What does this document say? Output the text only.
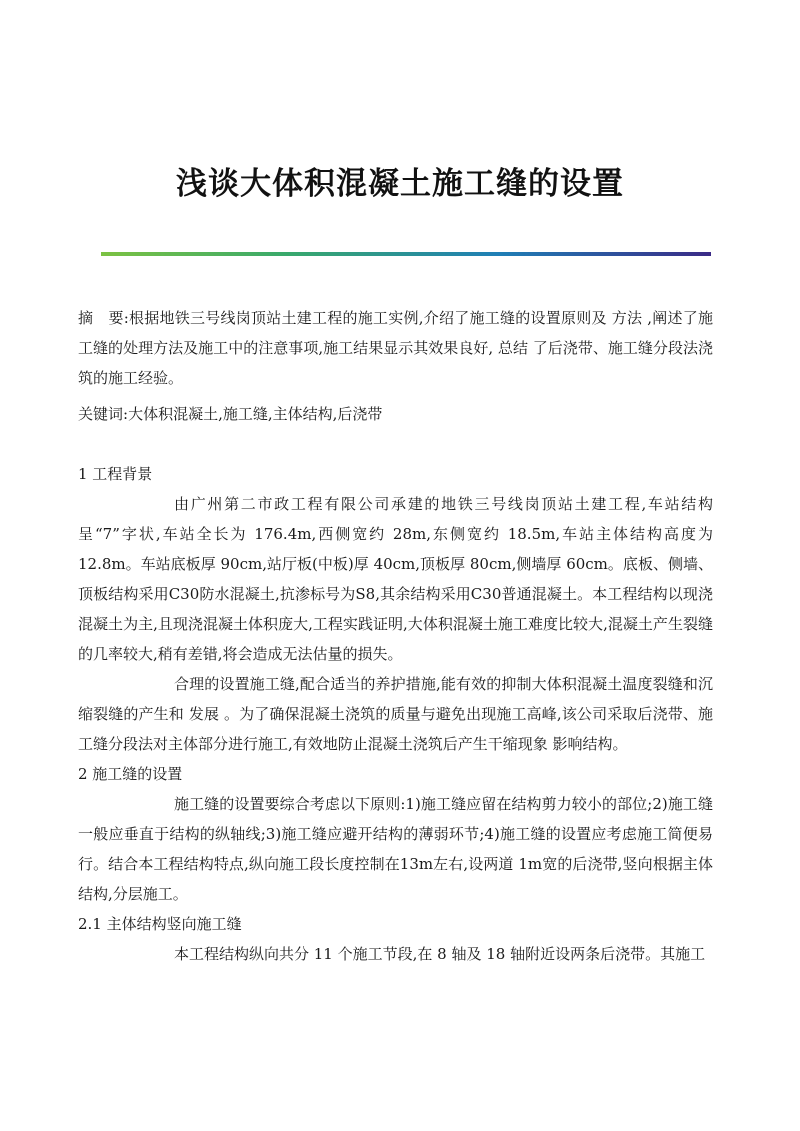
浅谈大体积混凝土施工缝的设置

摘　要:根据地铁三号线岗顶站土建工程的施工实例,介绍了施工缝的设置原则及 方法 ,阐述了施工缝的处理方法及施工中的注意事项,施工结果显示其效果良好, 总结 了后浇带、施工缝分段法浇筑的施工经验。

关键词:大体积混凝土,施工缝,主体结构,后浇带

1 工程背景

由广州第二市政工程有限公司承建的地铁三号线岗顶站土建工程,车站结构呈“7”字状,车站全长为 176.4m,西侧宽约 28m,东侧宽约 18.5m,车站主体结构高度为 12.8m。车站底板厚 90cm,站厅板(中板)厚 40cm,顶板厚 80cm,侧墙厚 60cm。底板、侧墙、顶板结构采用C30防水混凝土,抗渗标号为S8,其余结构采用C30普通混凝土。本工程结构以现浇混凝土为主,且现浇混凝土体积庞大,工程实践证明,大体积混凝土施工难度比较大,混凝土产生裂缝的几率较大,稍有差错,将会造成无法估量的损失。

合理的设置施工缝,配合适当的养护措施,能有效的抑制大体积混凝土温度裂缝和沉缩裂缝的产生和 发展 。为了确保混凝土浇筑的质量与避免出现施工高峰,该公司采取后浇带、施工缝分段法对主体部分进行施工,有效地防止混凝土浇筑后产生干缩现象 影响结构。

2 施工缝的设置

施工缝的设置要综合考虑以下原则:1)施工缝应留在结构剪力较小的部位;2)施工缝一般应垂直于结构的纵轴线;3)施工缝应避开结构的薄弱环节;4)施工缝的设置应考虑施工简便易行。结合本工程结构特点,纵向施工段长度控制在13m左右,设两道 1m宽的后浇带,竖向根据主体结构,分层施工。

2.1 主体结构竖向施工缝

本工程结构纵向共分 11 个施工节段,在 8 轴及 18 轴附近设两条后浇带。其施工
